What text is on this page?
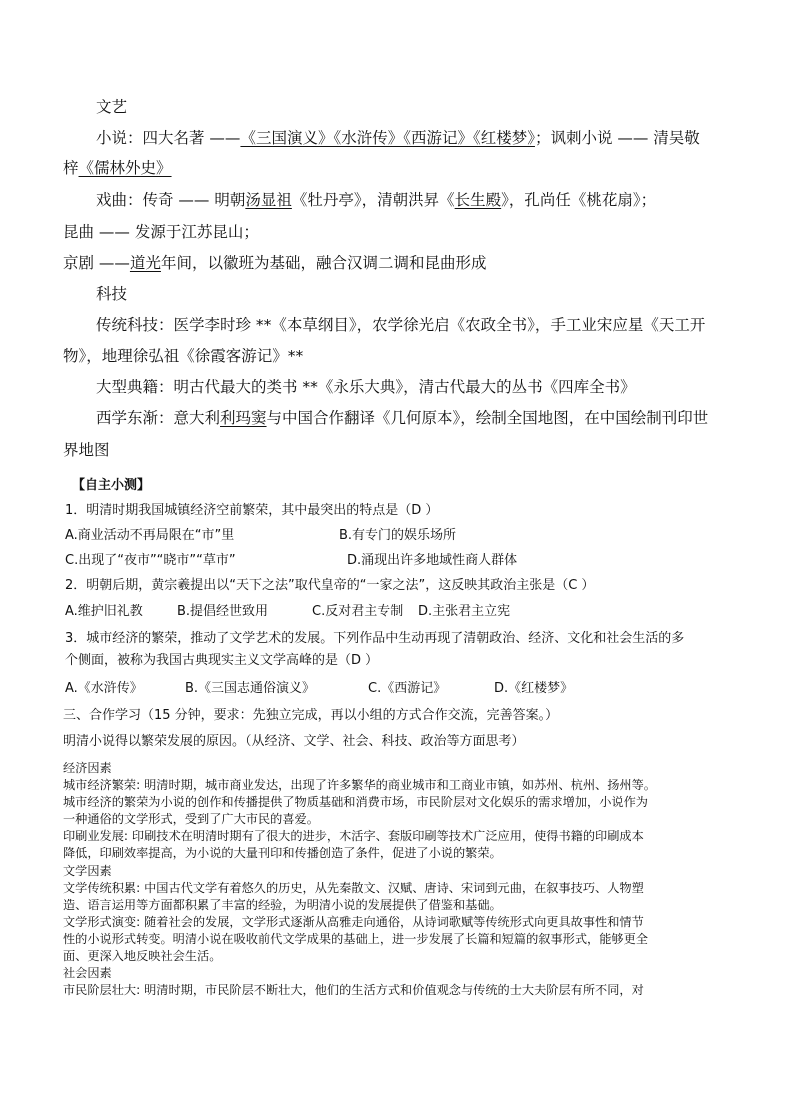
文艺
小说：四大名著 ——《三国演义》《水浒传》《西游记》《红楼梦》；讽刺小说 —— 清吴敬
梓《儒林外史》
戏曲：传奇 —— 明朝汤显祖《牡丹亭》，清朝洪昇《长生殿》，孔尚任《桃花扇》；
昆曲 —— 发源于江苏昆山；
京剧 ——道光年间，以徽班为基础，融合汉调二调和昆曲形成
科技
传统科技：医学李时珍 **《本草纲目》，农学徐光启《农政全书》，手工业宋应星《天工开
物》，地理徐弘祖《徐霞客游记》**
大型典籍：明古代最大的类书 **《永乐大典》，清古代最大的丛书《四库全书》
西学东渐：意大利利玛窦与中国合作翻译《几何原本》，绘制全国地图，在中国绘制刊印世
界地图
【自主小测】
1．明清时期我国城镇经济空前繁荣，其中最突出的特点是（D ）
A.商业活动不再局限在“市”里	B.有专门的娱乐场所
C.出现了“夜市”“晓市”“草市”	D.涌现出许多地域性商人群体
2．明朝后期，黄宗羲提出以“天下之法”取代皇帝的“一家之法”，这反映其政治主张是（C ）
A.维护旧礼教	B.提倡经世致用	C.反对君主专制 D.主张君主立宪
3．城市经济的繁荣，推动了文学艺术的发展。下列作品中生动再现了清朝政治、经济、文化和社会生活的多
个侧面，被称为我国古典现实主义文学高峰的是（D ）
A.《水浒传》	B.《三国志通俗演义》	C.《西游记》	D.《红楼梦》
三、合作学习（15 分钟，要求：先独立完成，再以小组的方式合作交流，完善答案。）
明清小说得以繁荣发展的原因。（从经济、文学、社会、科技、政治等方面思考）
经济因素
城市经济繁荣: 明清时期，城市商业发达，出现了许多繁华的商业城市和工商业市镇，如苏州、杭州、扬州等。
城市经济的繁荣为小说的创作和传播提供了物质基础和消费市场，市民阶层对文化娱乐的需求增加，小说作为
一种通俗的文学形式，受到了广大市民的喜爱。
印刷业发展: 印刷技术在明清时期有了很大的进步，木活字、套版印刷等技术广泛应用，使得书籍的印刷成本
降低，印刷效率提高，为小说的大量刊印和传播创造了条件，促进了小说的繁荣。
文学因素
文学传统积累: 中国古代文学有着悠久的历史，从先秦散文、汉赋、唐诗、宋词到元曲，在叙事技巧、人物塑
造、语言运用等方面都积累了丰富的经验，为明清小说的发展提供了借鉴和基础。
文学形式演变: 随着社会的发展，文学形式逐渐从高雅走向通俗，从诗词歌赋等传统形式向更具故事性和情节
性的小说形式转变。明清小说在吸收前代文学成果的基础上，进一步发展了长篇和短篇的叙事形式，能够更全
面、更深入地反映社会生活。
社会因素
市民阶层壮大: 明清时期，市民阶层不断壮大，他们的生活方式和价值观念与传统的士大夫阶层有所不同，对
